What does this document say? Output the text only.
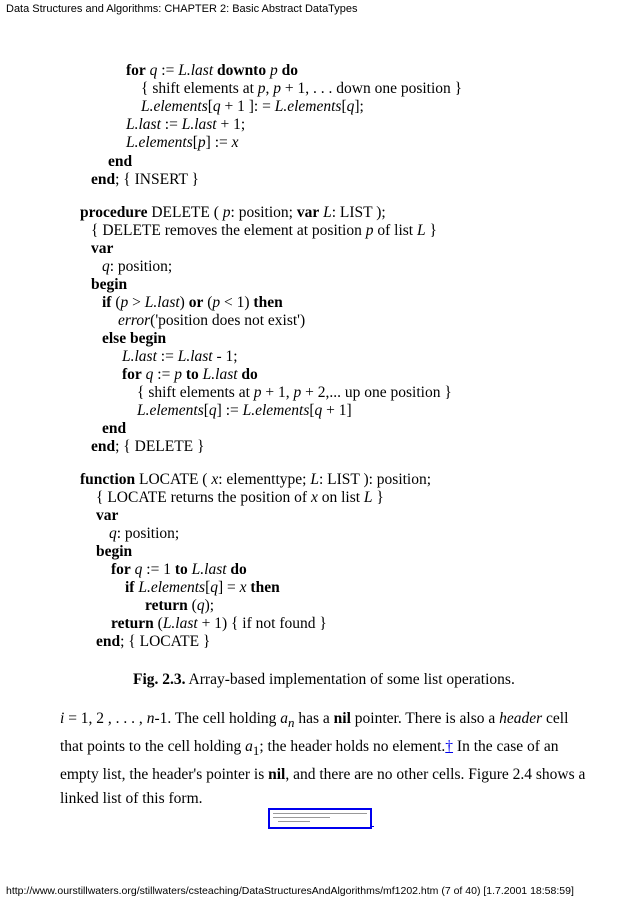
Data Structures and Algorithms: CHAPTER 2: Basic Abstract DataTypes
for q := L.last downto p do
{ shift elements at p, p + 1, . . . down one position }
L.elements[q + 1 ]: = L.elements[q];
L.last := L.last + 1;
L.elements[p] := x
end
end; { INSERT }
procedure DELETE ( p: position; var L: LIST );
{ DELETE removes the element at position p of list L }
var
q: position;
begin
if (p > L.last) or (p < 1) then
error('position does not exist')
else begin
L.last := L.last - 1;
for q := p to L.last do
{ shift elements at p + 1, p + 2,... up one position }
L.elements[q] := L.elements[q + 1]
end
end; { DELETE }
function LOCATE ( x: elementtype; L: LIST ): position;
{ LOCATE returns the position of x on list L }
var
q: position;
begin
for q := 1 to L.last do
if L.elements[q] = x then
return (q);
return (L.last + 1) { if not found }
end; { LOCATE }
Fig. 2.3. Array-based implementation of some list operations.

i = 1, 2 , . . . , n-1. The cell holding $a_n$ has a nil pointer. There is also a header cell

that points to the cell holding $a_1$; the header holds no element.† In the case of an

empty list, the header's pointer is nil, and there are no other cells. Figure 2.4 shows a

linked list of this form.

http://www.ourstillwaters.org/stillwaters/csteaching/DataStructuresAndAlgorithms/mf1202.htm (7 of 40) [1.7.2001 18:58:59]
